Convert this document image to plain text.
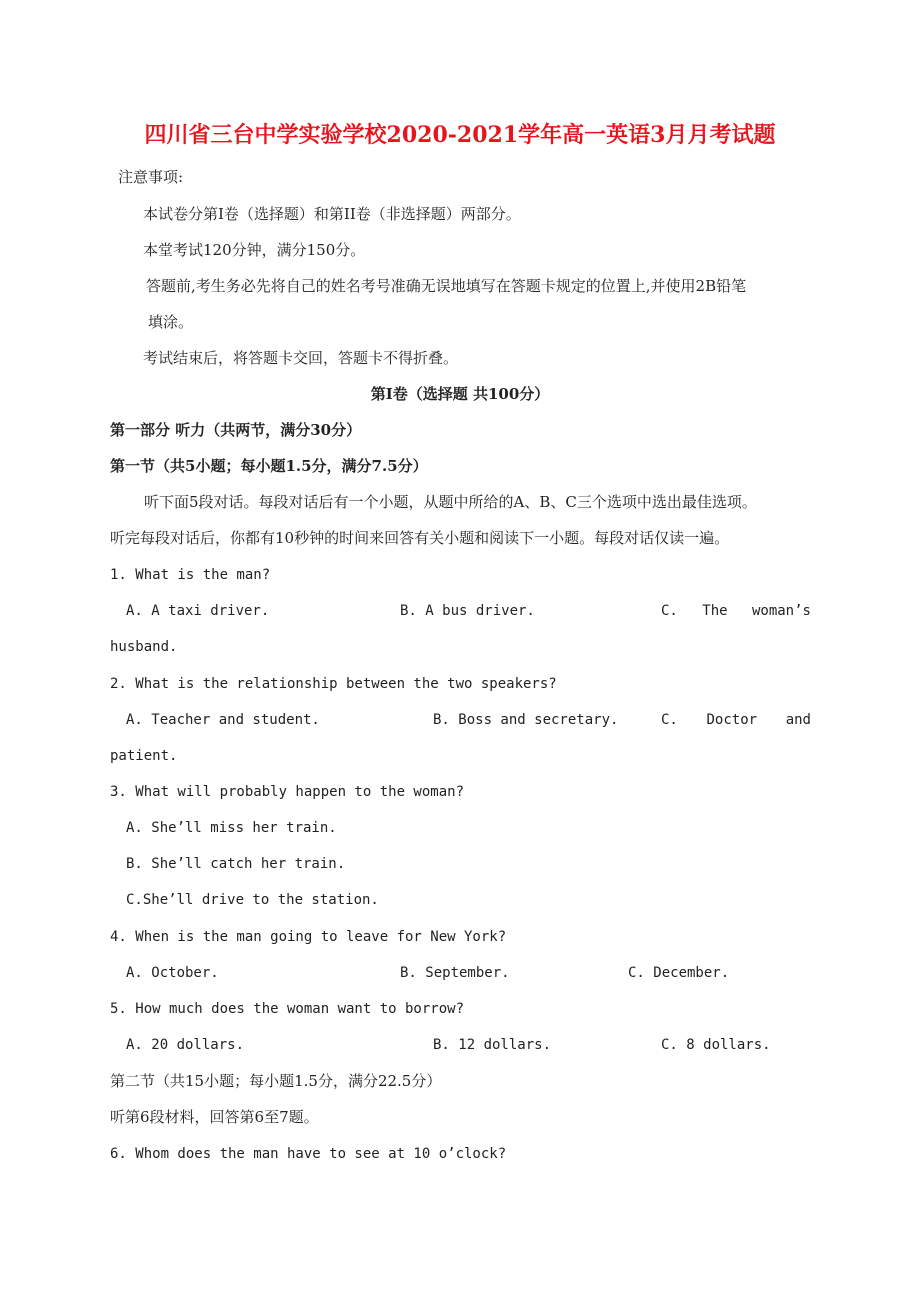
四川省三台中学实验学校2020-2021学年高一英语3月月考试题
注意事项:
本试卷分第Ⅰ卷（选择题）和第II卷（非选择题）两部分。
本堂考试120分钟，满分150分。
答题前,考生务必先将自己的姓名考号准确无误地填写在答题卡规定的位置上,并使用2B铅笔
填涂。
考试结束后，将答题卡交回，答题卡不得折叠。
第Ⅰ卷（选择题 共100分）
第一部分 听力（共两节，满分30分）
第一节（共5小题；每小题1.5分，满分7.5分）
听下面5段对话。每段对话后有一个小题，从题中所给的A、B、C三个选项中选出最佳选项。
听完每段对话后，你都有10秒钟的时间来回答有关小题和阅读下一小题。每段对话仅读一遍。
1. What is the man?
A. A taxi driver.	B. A bus driver.	C. The woman’s
husband.
2. What is the relationship between the two speakers?
A. Teacher and student.	B. Boss and secretary.	C. Doctor and
patient.
3. What will probably happen to the woman?
A. She’ll miss her train.
B. She’ll catch her train.
C.She’ll drive to the station.
4. When is the man going to leave for New York?
A. October.	B. September.	C. December.
5. How much does the woman want to borrow?
A. 20 dollars.	B. 12 dollars.	C. 8 dollars.
第二节（共15小题；每小题1.5分，满分22.5分）
听第6段材料，回答第6至7题。
6. Whom does the man have to see at 10 o’clock?
